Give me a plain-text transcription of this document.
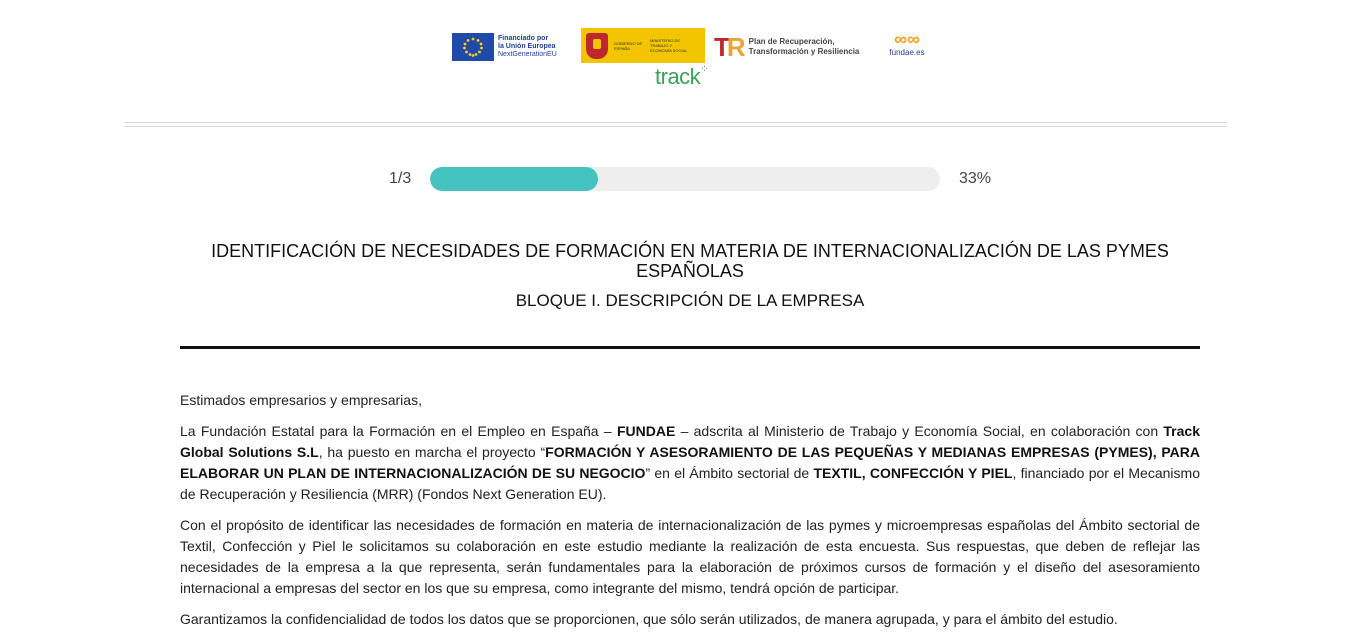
Financiado por
la Unión Europea
NextGenerationEU
GOBIERNO DE ESPAÑA
MINISTERIO DE TRABAJO Y ECONOMÍA SOCIAL TR Plan de Recuperación,
Transformación y Resiliencia
∞∞
fundae.es
track⁘
1/3	33%
IDENTIFICACIÓN DE NECESIDADES DE FORMACIÓN EN MATERIA DE INTERNACIONALIZACIÓN DE LAS PYMES ESPAÑOLAS
BLOQUE I. DESCRIPCIÓN DE LA EMPRESA

Estimados empresarios y empresarias,

La Fundación Estatal para la Formación en el Empleo en España – FUNDAE – adscrita al Ministerio de Trabajo y Economía Social, en colaboración con Track Global Solutions S.L, ha puesto en marcha el proyecto “FORMACIÓN Y ASESORAMIENTO DE LAS PEQUEÑAS Y MEDIANAS EMPRESAS (PYMES), PARA ELABORAR UN PLAN DE INTERNACIONALIZACIÓN DE SU NEGOCIO” en el Ámbito sectorial de TEXTIL, CONFECCIÓN Y PIEL, financiado por el Mecanismo de Recuperación y Resiliencia (MRR) (Fondos Next Generation EU).

Con el propósito de identificar las necesidades de formación en materia de internacionalización de las pymes y microempresas españolas del Ámbito sectorial de Textil, Confección y Piel le solicitamos su colaboración en este estudio mediante la realización de esta encuesta. Sus respuestas, que deben de reflejar las necesidades de la empresa a la que representa, serán fundamentales para la elaboración de próximos cursos de formación y el diseño del asesoramiento internacional a empresas del sector en los que su empresa, como integrante del mismo, tendrá opción de participar.

Garantizamos la confidencialidad de todos los datos que se proporcionen, que sólo serán utilizados, de manera agrupada, y para el ámbito del estudio.
